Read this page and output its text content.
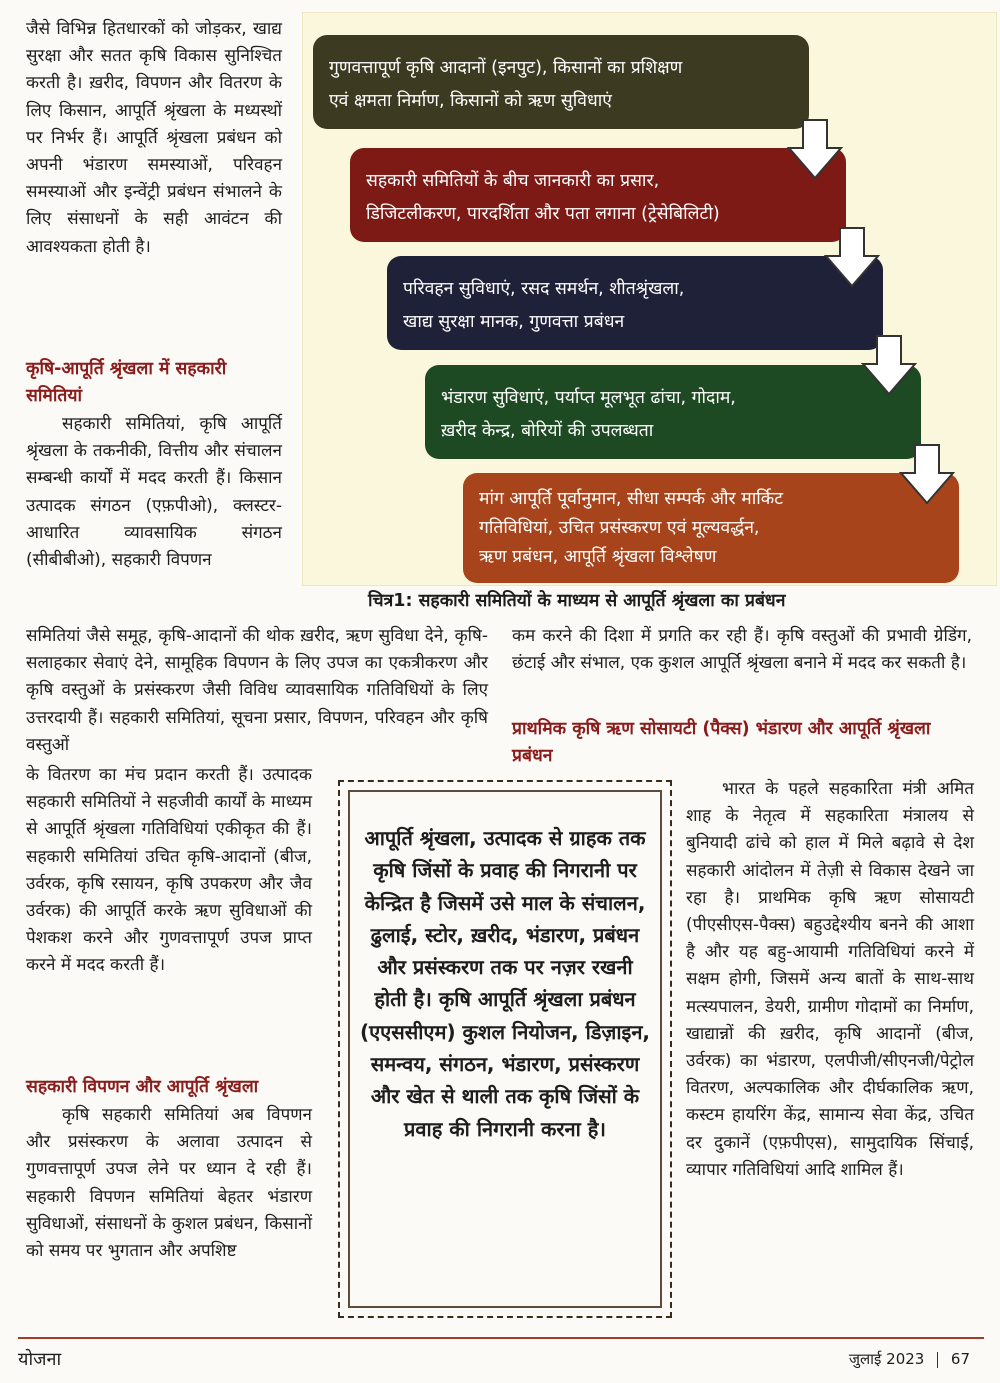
जैसे विभिन्न हितधारकों को जोड़कर, खाद्य सुरक्षा और सतत कृषि विकास सुनिश्चित करती है। ख़रीद, विपणन और वितरण के लिए किसान, आपूर्ति श्रृंखला के मध्यस्थों पर निर्भर हैं। आपूर्ति श्रृंखला प्रबंधन को अपनी भंडारण समस्याओं, परिवहन समस्याओं और इन्वेंट्री प्रबंधन संभालने के लिए संसाधनों के सही आवंटन की आवश्यकता होती है।

कृषि-आपूर्ति श्रृंखला में सहकारी समितियां

सहकारी समितियां, कृषि आपूर्ति श्रृंखला के तकनीकी, वित्तीय और संचालन सम्बन्धी कार्यों में मदद करती हैं। किसान उत्पादक संगठन (एफ़पीओ), क्लस्टर-आधारित व्यावसायिक संगठन (सीबीबीओ), सहकारी विपणन

गुणवत्तापूर्ण कृषि आदानों (इनपुट), किसानों का प्रशिक्षण
एवं क्षमता निर्माण, किसानों को ऋण सुविधाएं
सहकारी समितियों के बीच जानकारी का प्रसार,
डिजिटलीकरण, पारदर्शिता और पता लगाना (ट्रेसेबिलिटी)
परिवहन सुविधाएं, रसद समर्थन, शीतश्रृंखला,
खाद्य सुरक्षा मानक, गुणवत्ता प्रबंधन
भंडारण सुविधाएं, पर्याप्त मूलभूत ढांचा, गोदाम,
ख़रीद केन्द्र, बोरियों की उपलब्धता
मांग आपूर्ति पूर्वानुमान, सीधा सम्पर्क और मार्किट
गतिविधियां, उचित प्रसंस्करण एवं मूल्यवर्द्धन,
ऋण प्रबंधन, आपूर्ति श्रृंखला विश्लेषण

चित्र1: सहकारी समितियों के माध्यम से आपूर्ति श्रृंखला का प्रबंधन

समितियां जैसे समूह, कृषि-आदानों की थोक ख़रीद, ऋण सुविधा देने, कृषि-सलाहकार सेवाएं देने, सामूहिक विपणन के लिए उपज का एकत्रीकरण और कृषि वस्तुओं के प्रसंस्करण जैसी विविध व्यावसायिक गतिविधियों के लिए उत्तरदायी हैं। सहकारी समितियां, सूचना प्रसार, विपणन, परिवहन और कृषि वस्तुओं

कम करने की दिशा में प्रगति कर रही हैं। कृषि वस्तुओं की प्रभावी ग्रेडिंग, छंटाई और संभाल, एक कुशल आपूर्ति श्रृंखला बनाने में मदद कर सकती है।

प्राथमिक कृषि ऋण सोसायटी (पैक्स) भंडारण और आपूर्ति श्रृंखला प्रबंधन

के वितरण का मंच प्रदान करती हैं। उत्पादक सहकारी समितियों ने सहजीवी कार्यों के माध्यम से आपूर्ति श्रृंखला गतिविधियां एकीकृत की हैं। सहकारी समितियां उचित कृषि-आदानों (बीज, उर्वरक, कृषि रसायन, कृषि उपकरण और जैव उर्वरक) की आपूर्ति करके ऋण सुविधाओं की पेशकश करने और गुणवत्तापूर्ण उपज प्राप्त करने में मदद करती हैं।

सहकारी विपणन और आपूर्ति श्रृंखला

कृषि सहकारी समितियां अब विपणन और प्रसंस्करण के अलावा उत्पादन से गुणवत्तापूर्ण उपज लेने पर ध्यान दे रही हैं। सहकारी विपणन समितियां बेहतर भंडारण सुविधाओं, संसाधनों के कुशल प्रबंधन, किसानों को समय पर भुगतान और अपशिष्ट

आपूर्ति श्रृंखला, उत्पादक से ग्राहक तक कृषि जिंसों के प्रवाह की निगरानी पर केन्द्रित है जिसमें उसे माल के संचालन, ढुलाई, स्टोर, ख़रीद, भंडारण, प्रबंधन और प्रसंस्करण तक पर नज़र रखनी होती है। कृषि आपूर्ति श्रृंखला प्रबंधन (एएससीएम) कुशल नियोजन, डिज़ाइन, समन्वय, संगठन, भंडारण, प्रसंस्करण और खेत से थाली तक कृषि जिंसों के प्रवाह की निगरानी करना है।

भारत के पहले सहकारिता मंत्री अमित शाह के नेतृत्व में सहकारिता मंत्रालय से बुनियादी ढांचे को हाल में मिले बढ़ावे से देश सहकारी आंदोलन में तेज़ी से विकास देखने जा रहा है। प्राथमिक कृषि ऋण सोसायटी (पीएसीएस-पैक्स) बहुउद्देश्यीय बनने की आशा है और यह बहु-आयामी गतिविधियां करने में सक्षम होगी, जिसमें अन्य बातों के साथ-साथ मत्स्यपालन, डेयरी, ग्रामीण गोदामों का निर्माण, खाद्यान्नों की ख़रीद, कृषि आदानों (बीज, उर्वरक) का भंडारण, एलपीजी/सीएनजी/पेट्रोल वितरण, अल्पकालिक और दीर्घकालिक ऋण, कस्टम हायरिंग केंद्र, सामान्य सेवा केंद्र, उचित दर दुकानें (एफ़पीएस), सामुदायिक सिंचाई, व्यापार गतिविधियां आदि शामिल हैं।

योजना	जुलाई 2023 67
